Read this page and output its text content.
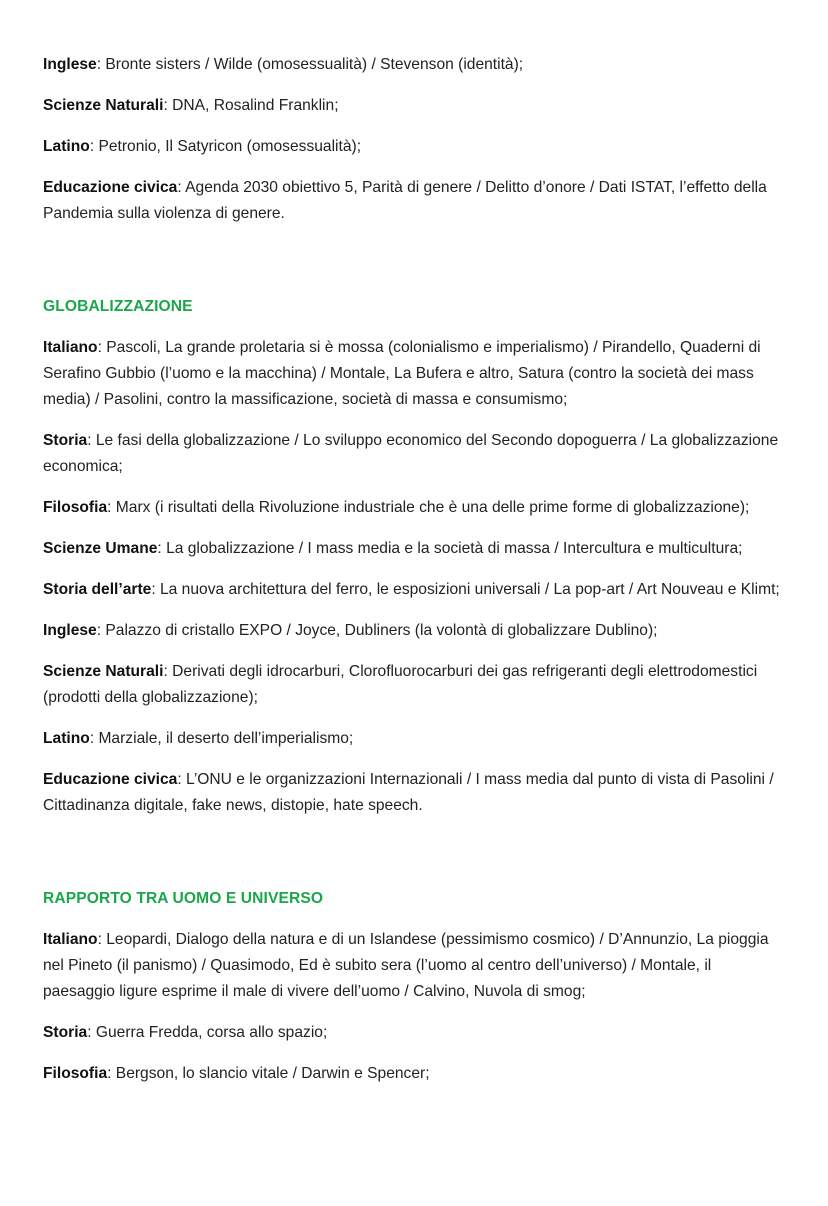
Inglese: Bronte sisters / Wilde (omosessualità) / Stevenson (identità);

Scienze Naturali: DNA, Rosalind Franklin;

Latino: Petronio, Il Satyricon (omosessualità);

Educazione civica: Agenda 2030 obiettivo 5, Parità di genere / Delitto d’onore / Dati ISTAT, l’effetto della Pandemia sulla violenza di genere.

GLOBALIZZAZIONE

Italiano: Pascoli, La grande proletaria si è mossa (colonialismo e imperialismo) / Pirandello, Quaderni di Serafino Gubbio (l’uomo e la macchina) / Montale, La Bufera e altro, Satura (contro la società dei mass media) / Pasolini, contro la massificazione, società di massa e consumismo;

Storia: Le fasi della globalizzazione / Lo sviluppo economico del Secondo dopoguerra / La globalizzazione economica;

Filosofia: Marx (i risultati della Rivoluzione industriale che è una delle prime forme di globalizzazione);

Scienze Umane: La globalizzazione / I mass media e la società di massa / Intercultura e multicultura;

Storia dell’arte: La nuova architettura del ferro, le esposizioni universali / La pop-art / Art Nouveau e Klimt;

Inglese: Palazzo di cristallo EXPO / Joyce, Dubliners (la volontà di globalizzare Dublino);

Scienze Naturali: Derivati degli idrocarburi, Clorofluorocarburi dei gas refrigeranti degli elettrodomestici (prodotti della globalizzazione);

Latino: Marziale, il deserto dell’imperialismo;

Educazione civica: L’ONU e le organizzazioni Internazionali / I mass media dal punto di vista di Pasolini / Cittadinanza digitale, fake news, distopie, hate speech.

RAPPORTO TRA UOMO E UNIVERSO

Italiano: Leopardi, Dialogo della natura e di un Islandese (pessimismo cosmico) / D’Annunzio, La pioggia nel Pineto (il panismo) / Quasimodo, Ed è subito sera (l’uomo al centro dell’universo) / Montale, il paesaggio ligure esprime il male di vivere dell’uomo / Calvino, Nuvola di smog;

Storia: Guerra Fredda, corsa allo spazio;

Filosofia: Bergson, lo slancio vitale / Darwin e Spencer;
